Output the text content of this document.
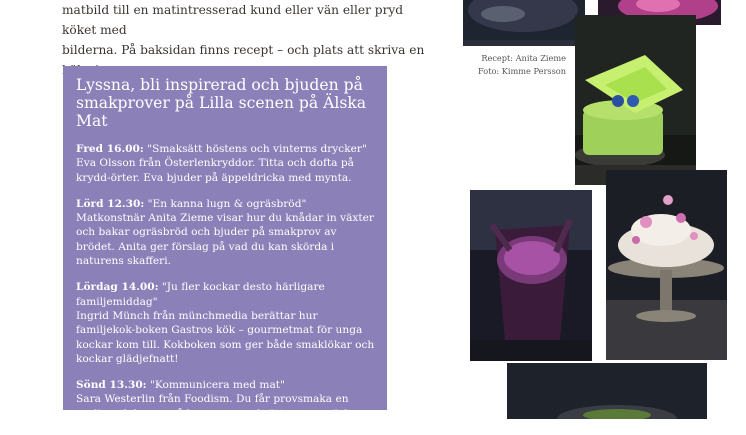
matbild till en matintresserad kund eller vän eller pryd köket med
bilderna. På baksidan finns recept – och plats att skriva en
Lyssna, bli inspirerad och bjuden på smakprover på Lilla scenen på Älska Mat
Fred 16.00: "Smaksätt höstens och vinterns drycker"
Eva Olsson från Österlenkryddor. Titta och dofta på krydd-örter. Eva bjuder på äppeldricka med mynta.
Lörd 12.30: "En kanna lugn & ogräsbröd"
Matkonstnär Anita Zieme visar hur du knådar in växter och bakar ogräsbröd och bjuder på smakprov av brödet. Anita ger förslag på vad du kan skörda i naturens skafferi.
Lördag 14.00: "Ju fler kockar desto härligare familjemiddag"
Ingrid Münch från münchmedia berättar hur familjekok-boken Gastros kök – gourmetmat för unga kockar kom till. Kokboken som ger både smaklökar och kockar glädjefnatt!
Sönd 13.30: "Kommunicera med mat"
Sara Westerlin från Foodism. Du får provsmaka en pralin och lyssna på hur man smaksätter varumärken genom att involvera alla sinnen.
Recept: Anita Zieme
Foto: Kimme Persson
